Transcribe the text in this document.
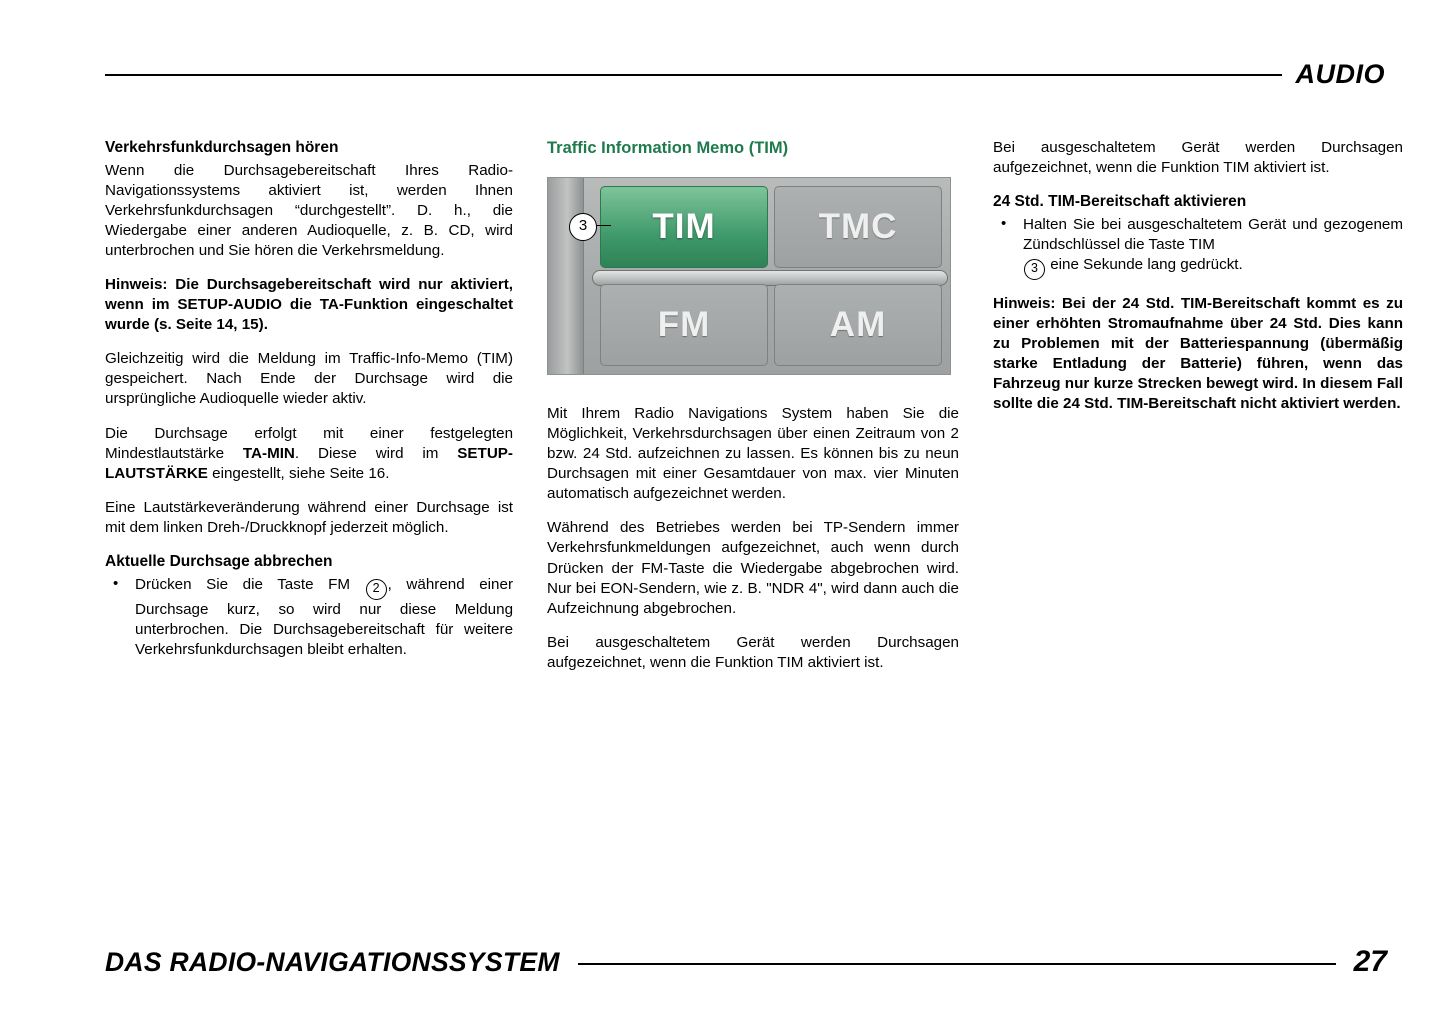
AUDIO
Verkehrsfunkdurchsagen hören

Wenn die Durchsagebereitschaft Ihres Radio-Navigationssystems aktiviert ist, werden Ihnen Verkehrsfunkdurchsagen “durchgestellt”. D. h., die Wiedergabe einer anderen Audioquelle, z. B. CD, wird unterbrochen und Sie hören die Verkehrsmeldung.

Hinweis: Die Durchsagebereitschaft wird nur aktiviert, wenn im SETUP-AUDIO die TA-Funktion eingeschaltet wurde (s. Seite 14, 15).

Gleichzeitig wird die Meldung im Traffic-Info-Memo (TIM) gespeichert. Nach Ende der Durchsage wird die ursprüngliche Audioquelle wieder aktiv.

Die Durchsage erfolgt mit einer festgelegten Mindestlautstärke TA-MIN. Diese wird im SETUP-LAUTSTÄRKE eingestellt, siehe Seite 16.

Eine Lautstärkeveränderung während einer Durchsage ist mit dem linken Dreh-/Druckknopf jederzeit möglich.

Aktuelle Durchsage abbrechen
• Drücken Sie die Taste FM 2 , während einer Durchsage kurz, so wird nur diese Meldung unterbrochen. Die Durchsagebereitschaft für weitere Verkehrsfunkdurchsagen bleibt erhalten.
Traffic Information Memo (TIM)
TIM	TMC
FM	AM
3

Mit Ihrem Radio Navigations System haben Sie die Möglichkeit, Verkehrsdurchsagen über einen Zeitraum von 2 bzw. 24 Std. aufzeichnen zu lassen. Es können bis zu neun Durchsagen mit einer Gesamtdauer von max. vier Minuten automatisch aufgezeichnet werden.

Während des Betriebes werden bei TP-Sendern immer Verkehrsfunkmeldungen aufgezeichnet, auch wenn durch Drücken der FM-Taste die Wiedergabe abgebrochen wird. Nur bei EON-Sendern, wie z. B. "NDR 4", wird dann auch die Aufzeichnung abgebrochen.

Bei ausgeschaltetem Gerät werden Durchsagen aufgezeichnet, wenn die Funktion TIM aktiviert ist.

Bei ausgeschaltetem Gerät werden Durchsagen aufgezeichnet, wenn die Funktion TIM aktiviert ist.

24 Std. TIM-Bereitschaft aktivieren
• Halten Sie bei ausgeschaltetem Gerät und gezogenem Zündschlüssel die Taste TIM
3 eine Sekunde lang gedrückt.

Hinweis: Bei der 24 Std. TIM-Bereitschaft kommt es zu einer erhöhten Stromaufnahme über 24 Std. Dies kann zu Problemen mit der Batteriespannung (übermäßig starke Entladung der Batterie) führen, wenn das Fahrzeug nur kurze Strecken bewegt wird. In diesem Fall sollte die 24 Std. TIM-Bereitschaft nicht aktiviert werden.

DAS RADIO-NAVIGATIONSSYSTEM	27
